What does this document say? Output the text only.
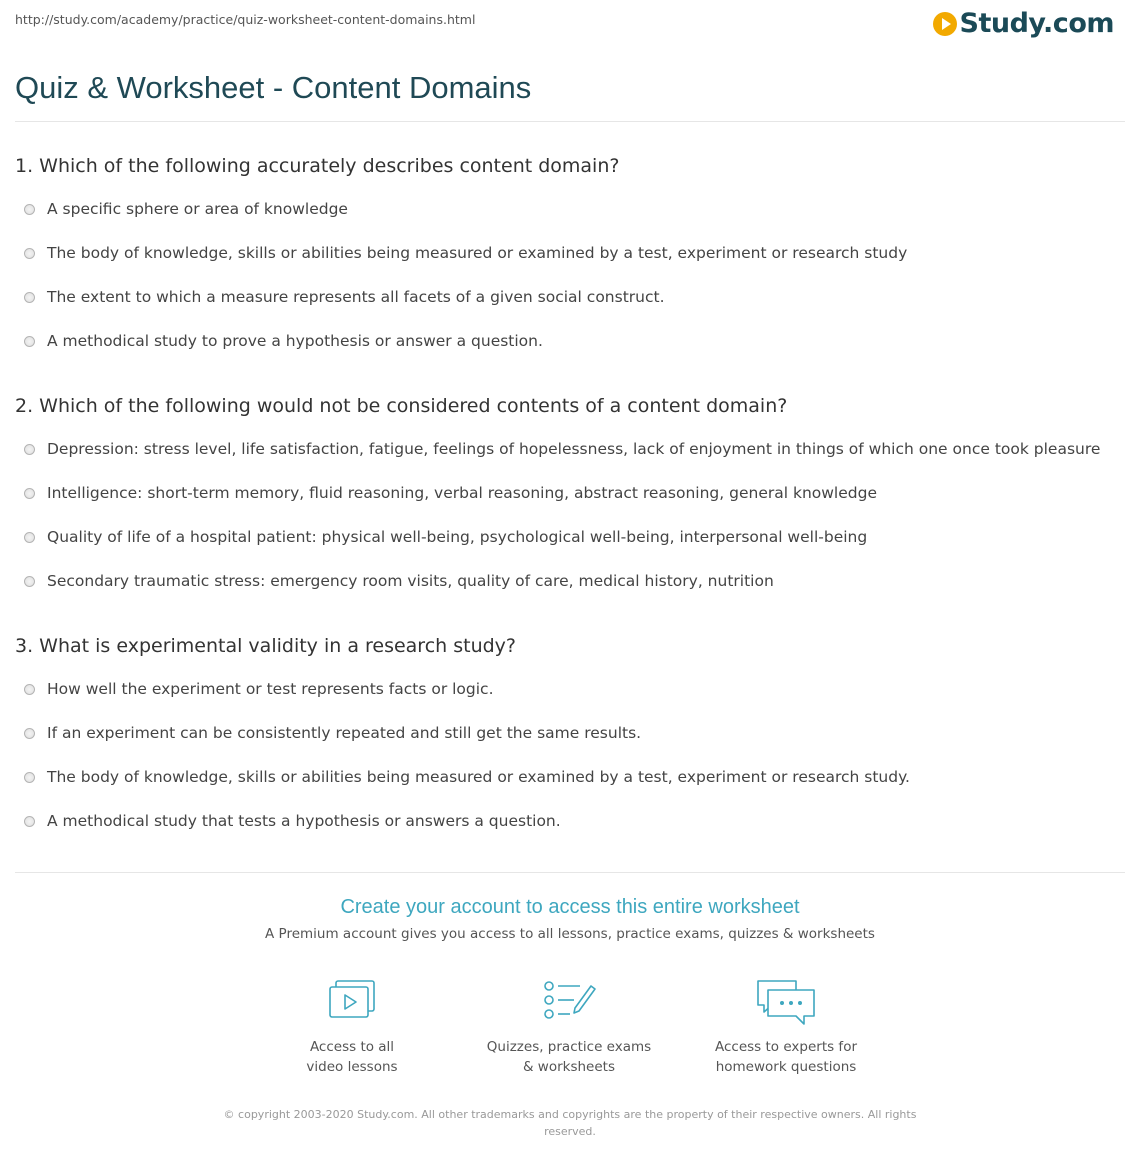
http://study.com/academy/practice/quiz-worksheet-content-domains.html	Study.com
Quiz & Worksheet - Content Domains
1. Which of the following accurately describes content domain?
A specific sphere or area of knowledge
The body of knowledge, skills or abilities being measured or examined by a test, experiment or research study
The extent to which a measure represents all facets of a given social construct.
A methodical study to prove a hypothesis or answer a question.
2. Which of the following would not be considered contents of a content domain?
Depression: stress level, life satisfaction, fatigue, feelings of hopelessness, lack of enjoyment in things of which one once took pleasure
Intelligence: short-term memory, fluid reasoning, verbal reasoning, abstract reasoning, general knowledge
Quality of life of a hospital patient: physical well-being, psychological well-being, interpersonal well-being
Secondary traumatic stress: emergency room visits, quality of care, medical history, nutrition
3. What is experimental validity in a research study?
How well the experiment or test represents facts or logic.
If an experiment can be consistently repeated and still get the same results.
The body of knowledge, skills or abilities being measured or examined by a test, experiment or research study.
A methodical study that tests a hypothesis or answers a question.
Create your account to access this entire worksheet
A Premium account gives you access to all lessons, practice exams, quizzes & worksheets
Access to all
video lessons
Quizzes, practice exams
& worksheets
Access to experts for
homework questions
© copyright 2003-2020 Study.com. All other trademarks and copyrights are the property of their respective owners. All rights
reserved.
